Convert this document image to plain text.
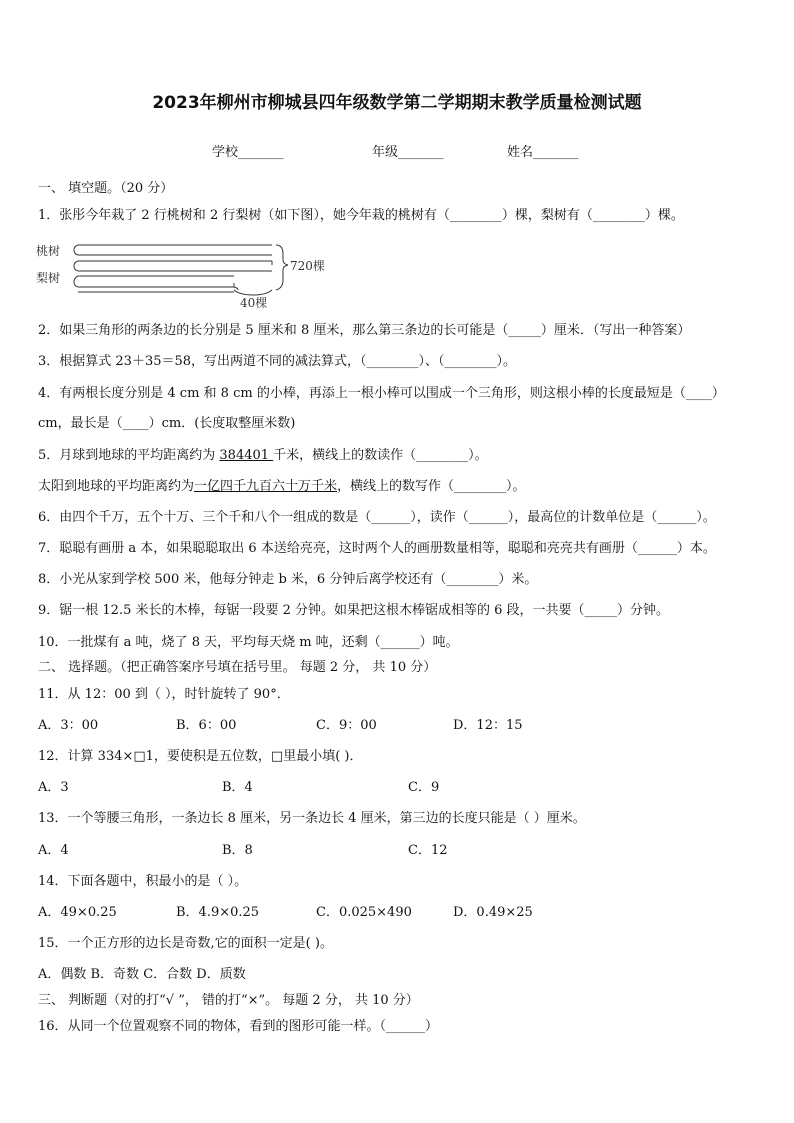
2023年柳州市柳城县四年级数学第二学期期末教学质量检测试题
学校_______	年级_______	姓名_______
一、 填空题。（20 分）
1．张彤今年栽了 2 行桃树和 2 行梨树（如下图），她今年栽的桃树有（________）棵，梨树有（________）棵。
桃树
梨树
720棵
40棵
2．如果三角形的两条边的长分别是 5 厘米和 8 厘米，那么第三条边的长可能是（_____）厘米．（写出一种答案）
3．根据算式 23＋35＝58，写出两道不同的减法算式，（________）、（________）。
4．有两根长度分别是 4 cm 和 8 cm 的小棒，再添上一根小棒可以围成一个三角形，则这根小棒的长度最短是（____）
cm，最长是（____）cm．(长度取整厘米数)
5．月球到地球的平均距离约为 384401 千米，横线上的数读作（________）。
太阳到地球的平均距离约为一亿四千九百六十万千米，横线上的数写作（________）。
6．由四个千万，五个十万、三个千和八个一组成的数是（______），读作（______），最高位的计数单位是（______）。
7．聪聪有画册 a 本，如果聪聪取出 6 本送给亮亮，这时两个人的画册数量相等，聪聪和亮亮共有画册（______）本。
8．小光从家到学校 500 米，他每分钟走 b 米，6 分钟后离学校还有（________）米。
9．锯一根 12.5 米长的木棒，每锯一段要 2 分钟。如果把这根木棒锯成相等的 6 段，一共要（_____）分钟。
10．一批煤有 a 吨，烧了 8 天，平均每天烧 m 吨，还剩（______）吨。
二、 选择题。（把正确答案序号填在括号里。 每题 2 分， 共 10 分）
11．从 12：00 到（ ），时针旋转了 90°．
A．3：00	B．6：00	C．9：00	D．12：15
12．计算 334×□1，要使积是五位数，□里最小填( )．
A．3	B．4	C．9
13．一个等腰三角形，一条边长 8 厘米，另一条边长 4 厘米，第三边的长度只能是（ ）厘米。
A．4	B．8	C．12
14．下面各题中，积最小的是（ ）。
A．49×0.25	B．4.9×0.25	C．0.025×490	D．0.49×25
15．一个正方形的边长是奇数,它的面积一定是( )。
A．偶数 B．奇数 C．合数 D．质数
三、 判断题（对的打“√ ”， 错的打“×”。 每题 2 分， 共 10 分）
16．从同一个位置观察不同的物体，看到的图形可能一样。（______）
